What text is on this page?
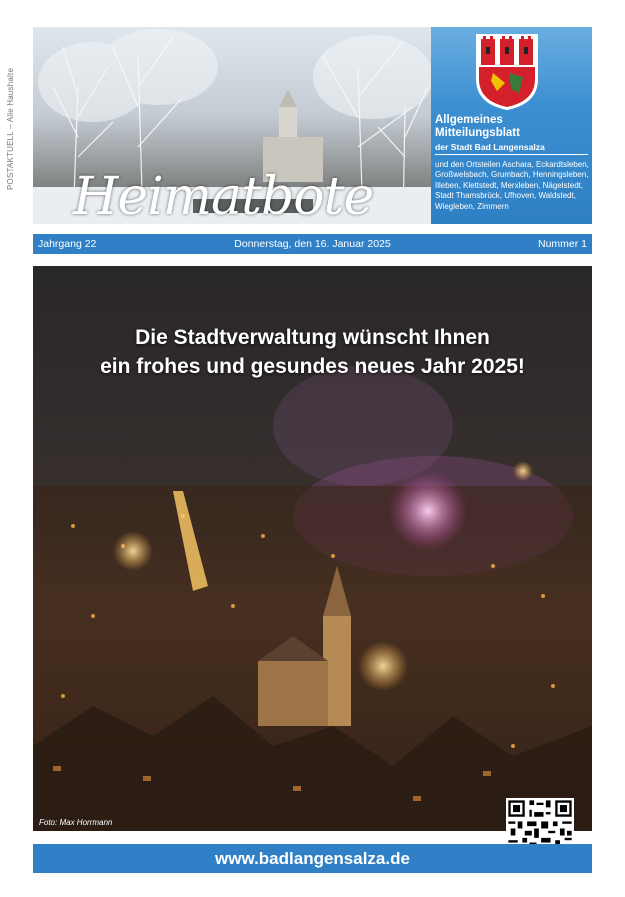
POSTAKTUELL – Alle Haushalte
Heimatbote
Allgemeines
Mitteilungsblatt
der Stadt Bad Langensalza
und den Ortsteilen Aschara, Eckardtsleben, Großwelsbach, Grumbach, Henningsleben, Illeben, Klettstedt, Merxleben, Nägelstedt, Stadt Thamsbrück, Ufhoven, Waldstedt, Wiegleben, Zimmern
Jahrgang 22	Donnerstag, den 16. Januar 2025	Nummer 1
Die Stadtverwaltung wünscht Ihnen
ein frohes und gesundes neues Jahr 2025!
Foto: Max Horrmann
www.badlangensalza.de
